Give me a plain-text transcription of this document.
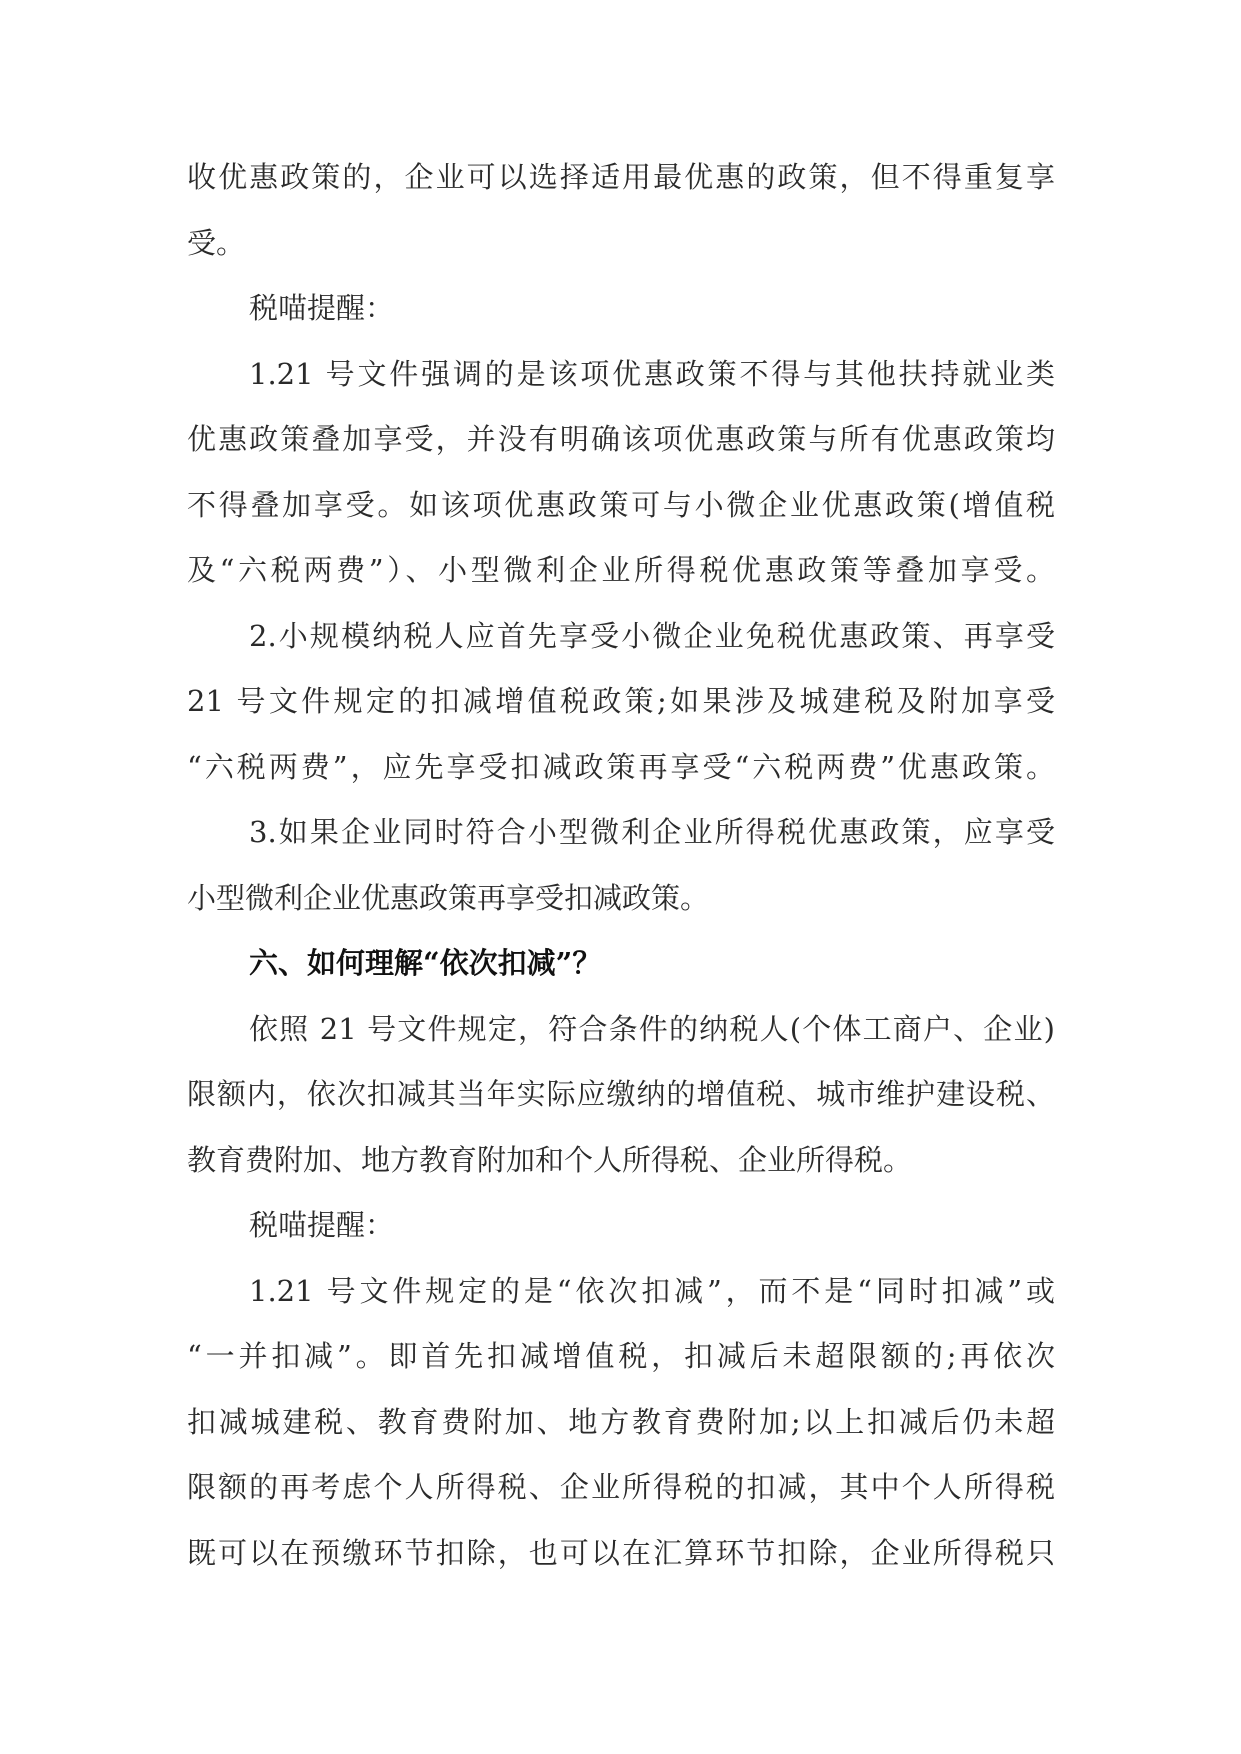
收优惠政策的，企业可以选择适用最优惠的政策，但不得重复享
受。
税喵提醒：
1.21 号文件强调的是该项优惠政策不得与其他扶持就业类
优惠政策叠加享受，并没有明确该项优惠政策与所有优惠政策均
不得叠加享受。如该项优惠政策可与小微企业优惠政策(增值税
及“六税两费”）、小型微利企业所得税优惠政策等叠加享受。
2.小规模纳税人应首先享受小微企业免税优惠政策、再享受
21 号文件规定的扣减增值税政策;如果涉及城建税及附加享受
“六税两费”，应先享受扣减政策再享受“六税两费”优惠政策。
3.如果企业同时符合小型微利企业所得税优惠政策，应享受
小型微利企业优惠政策再享受扣减政策。
六、如何理解“依次扣减”？
依照 21 号文件规定，符合条件的纳税人(个体工商户、企业)
限额内，依次扣减其当年实际应缴纳的增值税、城市维护建设税、
教育费附加、地方教育附加和个人所得税、企业所得税。
税喵提醒：
1.21 号文件规定的是“依次扣减”，而不是“同时扣减”或
“一并扣减”。即首先扣减增值税，扣减后未超限额的;再依次
扣减城建税、教育费附加、地方教育费附加;以上扣减后仍未超
限额的再考虑个人所得税、企业所得税的扣减，其中个人所得税
既可以在预缴环节扣除，也可以在汇算环节扣除，企业所得税只
